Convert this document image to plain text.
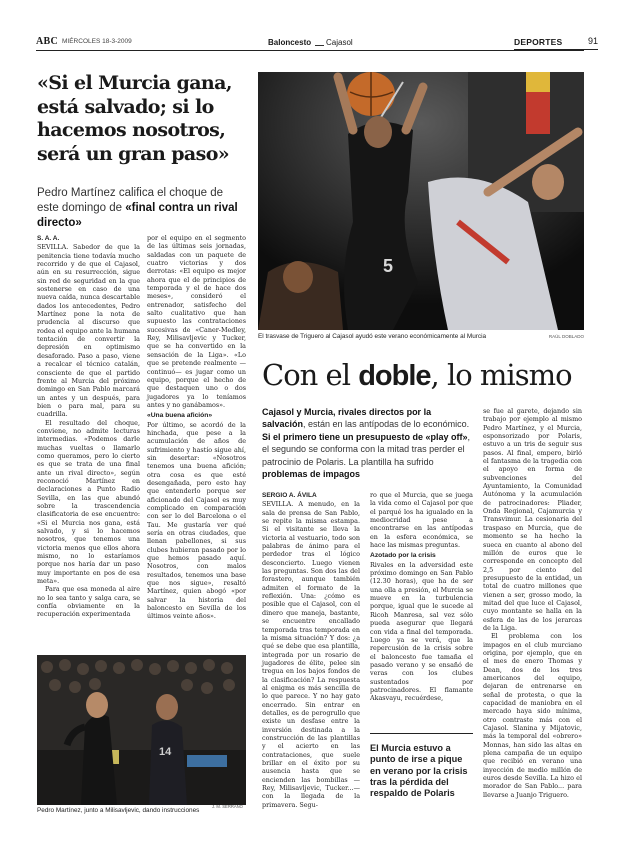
ABC MIÉRCOLES 18-3-2009	Baloncesto Cajasol	DEPORTES	91
«Si el Murcia gana, está salvado; si lo hacemos nosotros, será un gran paso»
Pedro Martínez califica el choque de este domingo de «final contra un rival directo»
S. A. A.
SEVILLA. Sabedor de que la penitencia tiene todavía mucho recorrido y de que el Cajasol, aún en su resurrección, sigue sin red de seguridad en la que sostenerse en caso de una nueva caída, nunca descartable dados los antecedentes, Pedro Martínez pone la nota de prudencia al discurso que rodea el equipo ante la humana tentación de convertir la depresión en optimismo desaforado. Paso a paso, viene a recalcar el técnico catalán, consciente de que el partido frente al Murcia del próximo domingo en San Pablo marcará un antes y un después, para bien o para mal, para su cuadrilla.
El resultado del choque, conviene, no admite lecturas intermedias. «Podemos darle muchas vueltas o llamarlo como queramos, pero lo cierto es que se trata de una final ante un rival directo», según reconoció Martínez en declaraciones a Punto Radio Sevilla, en las que abundó sobre la trascendencia clasificatoria de ese encuentro: «Si el Murcia nos gana, está salvado, y si lo hacemos nosotros, que tenemos una victoria menos que ellos ahora mismo, no lo estaríamos porque nos haría dar un paso muy importante en pos de esa meta».
Para que esa moneda al aire no lo sea tanto y salga cara, se confía obviamente en la recuperación experimentada
por el equipo en el segmento de las últimas seis jornadas, saldadas con un paquete de cuatro victorias y dos derrotas: «El equipo es mejor ahora que el de principios de temporada y el de hace dos meses», consideró el entrenador, satisfecho del salto cualitativo que han supuesto las contrataciones sucesivas de «Caner-Medley, Rey, Milisavljevic y Tucker, que se ha convertido en la sensación de la Liga». «Lo que se pretende realmente —continuó— es jugar como un equipo, porque el hecho de que destaquen uno o dos jugadores ya lo teníamos antes y no ganábamos».
«Una buena afición»
Por último, se acordó de la hinchada, que pese a la acumulación de años de sufrimiento y hastío sigue ahí, sin desertar: «Nosotros tenemos una buena afición; otra cosa es que esté desengañada, pero esto hay que entenderlo porque ser aficionado del Cajasol es muy complicado en comparación con ser lo del Barcelona o el Tau. Me gustaría ver qué sería en otras ciudades, que llenan pabellones, si sus clubes hubieran pasado por lo que hemos pasado aquí. Nosotros, con malos resultados, tenemos una base que nos sigue», resaltó Martínez, quien abogó «por salvar la historia del baloncesto en Sevilla de los últimos veinte años».
5
El trasvase de Triguero al Cajasol ayudó este verano económicamente al Murcia	RAÚL DOBLADO
Con el doble, lo mismo
Cajasol y Murcia, rivales directos por la salvación, están en las antípodas de lo económico. Si el primero tiene un presupuesto de «play off», el segundo se conforma con la mitad tras perder el patrocinio de Polaris. La plantilla ha sufrido problemas de impagos
SERGIO A. ÁVILA
SEVILLA. A menudo, en la sala de prensa de San Pablo, se repite la misma estampa. Si el visitante se lleva la victoria al vestuario, todo son palabras de ánimo para el perdedor tras el lógico desconcierto. Luego vienen las preguntas. Son dos las del forastero, aunque también admiten el formato de la reflexión. Una: ¿cómo es posible que el Cajasol, con el dinero que maneja, bastante, se encuentre encallado temporada tras temporada en la misma situación? Y dos: ¿a qué se debe que esa plantilla, integrada por un rosario de jugadores de élite, pelee sin tregua en los bajos fondos de la clasificación? La respuesta al enigma es más sencilla de lo que parece. Y no hay gato encerrado. Sin entrar en detalles, es de perogrullo que existe un desfase entre la inversión destinada a la construcción de las plantillas y el acierto en las contrataciones, que suele brillar en el éxito por su ausencia hasta que se encienden las bombillas —Rey, Milisavljevic, Tucker...— con la llegada de la primavera. Segu-
ro que el Murcia, que se juega la vida como el Cajasol por que el parqué los ha igualado en la mediocridad pese a encontrarse en las antípodas en la esfera económica, se hace las mismas preguntas.
Azotado por la crisis
Rivales en la adversidad este próximo domingo en San Pablo (12.30 horas), que ha de ser una olla a presión, el Murcia se mueve en la turbulencia porque, igual que le sucede al Ricoh Manresa, sal vez sólo pueda asegurar que llegará con vida a final del temporada. Luego ya se verá, que la repercusión de la crisis sobre el baloncesto fue tamaña el pasado verano y se ensañó de veras con los clubes sustentados por patrocinadores. El flamante Akasvayu, recuérdese,
El Murcia estuvo a punto de irse a pique en verano por la crisis tras la pérdida del respaldo de Polaris
se fue al garete, dejando sin trabajo por ejemplo al mismo Pedro Martínez, y el Murcia, esponsorizado por Polaris, estuvo a un tris de seguir sus pasos. Al final, empero, birló el fantasma de la tragedia con el apoyo en forma de subvenciones del Ayuntamiento, la Comunidad Autónoma y la acumulación de patrocinadores: Pliader, Onda Regional, Cajamurcia y Transvimur. La cesionaria del traspaso en Murcia, que de momento se ha hecho la sueca en cuanto al abono del millón de euros que le corresponde en concepto del 2,5 por ciento del presupuesto de la entidad, un total de cuatro millones que vienen a ser, grosso modo, la mitad del que luce el Cajasol, cuyo montante se halla en la esfera de las de los jerarcas de la Liga.
El problema con los impagos en el club murciano origina, por ejemplo, que en el mes de enero Thomas y Dean, dos de los tres americanos del equipo, dejaran de entrenarse en señal de protesta, o que la capacidad de maniobra en el mercado haya sido mínima, otro contraste más con el Cajasol. Slanina y Mijatovic, más la temporal del «obrero» Monnas, han sido las altas en plena campaña de un equipo que recibió en verano una inyección de medio millón de euros desde Sevilla. La hizo el morador de San Pablo... para llevarse a Juanjo Triguero.
14
Pedro Martínez, junto a Milisavljevic, dando instrucciones
J. M. SERRANO
